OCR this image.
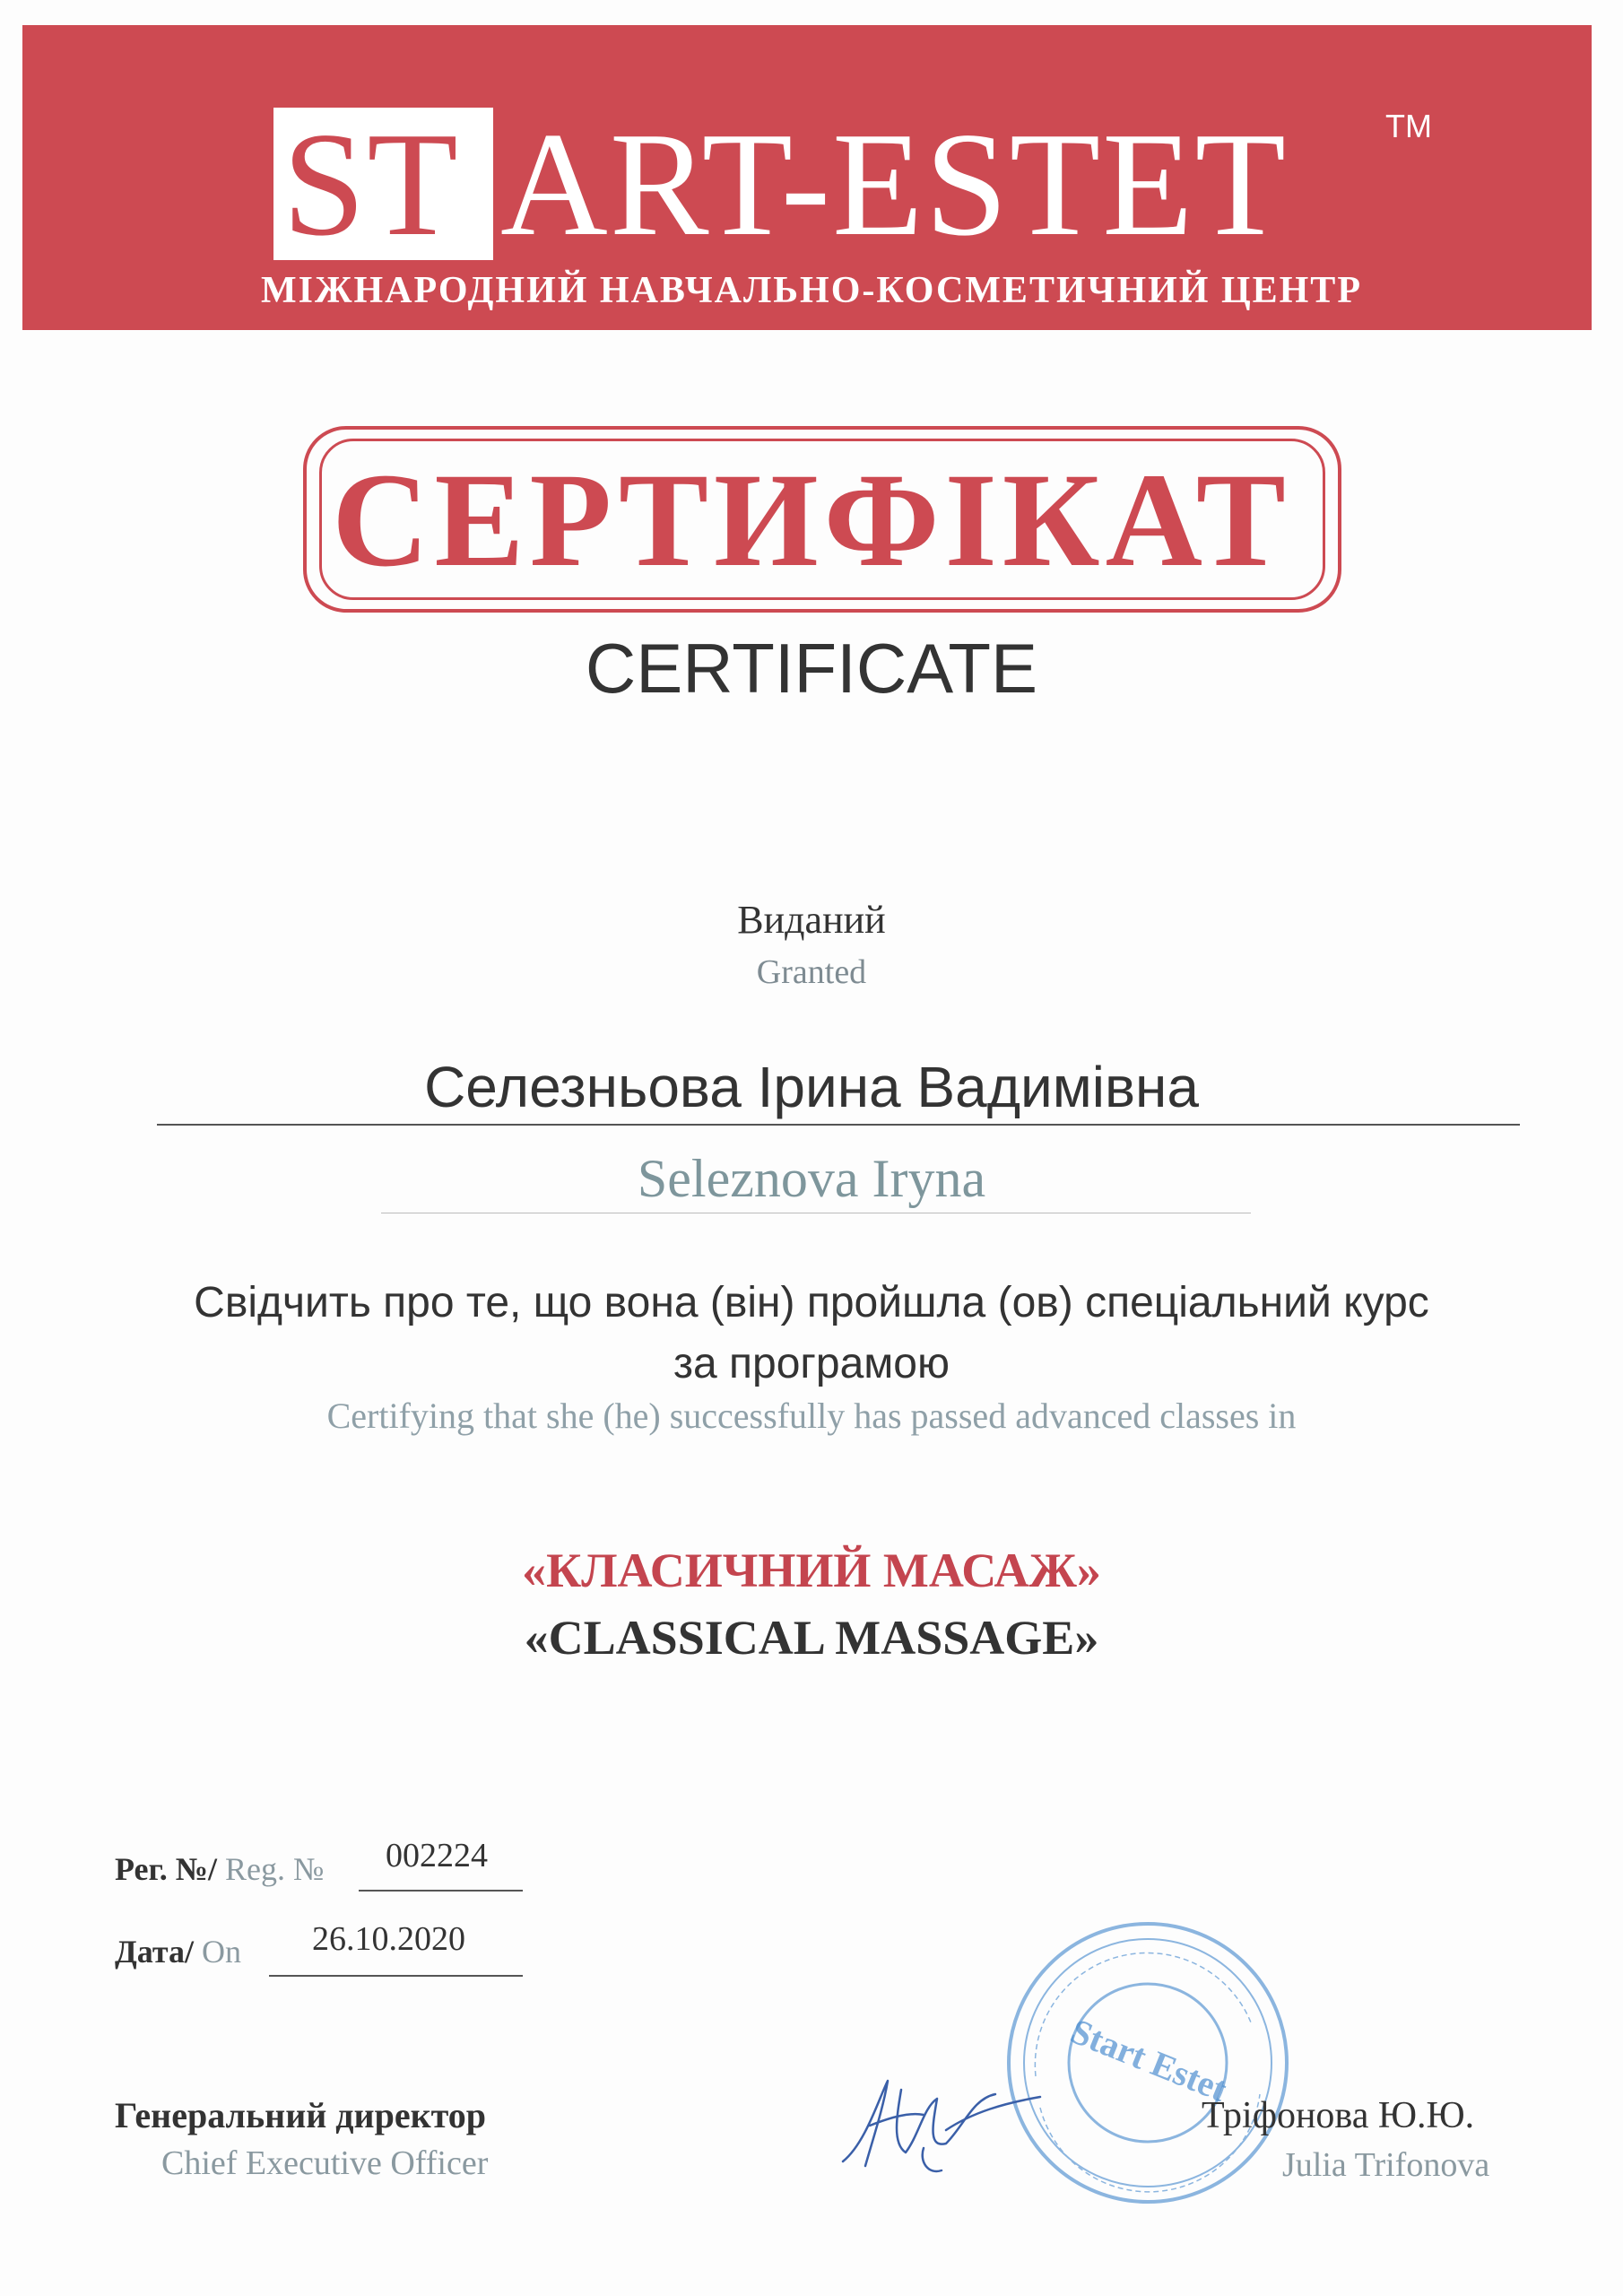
ST ART-ESTET	TM
МІЖНАРОДНИЙ НАВЧАЛЬНО-КОСМЕТИЧНИЙ ЦЕНТР
СЕРТИФІКАТ
CERTIFICATE
Виданий
Granted
Селезньова Ірина Вадимівна
Seleznova Iryna
Свідчить про те, що вона (він) пройшла (ов) спеціальний курс
за програмою
Certifying that she (he) successfully has passed advanced classes in
«КЛАСИЧНИЙ МАСАЖ»
«CLASSICAL MASSAGE»
Рег. №/ Reg. № 002224
Дата/ On 26.10.2020
Start Estet
Генеральний директор
Chief Executive Officer
Тріфонова Ю.Ю.
Julia Trifonova
